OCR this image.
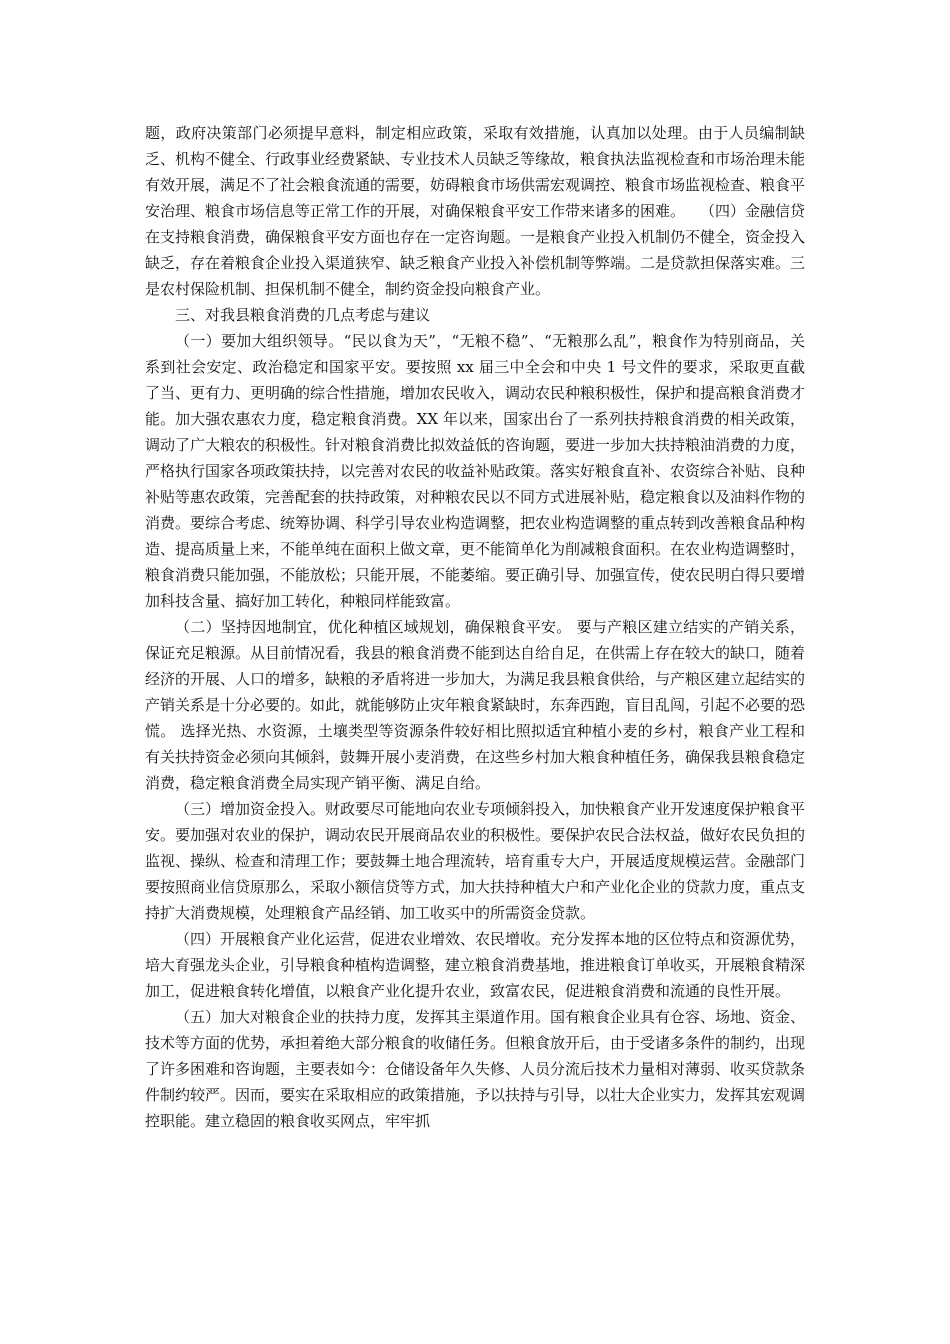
题，政府决策部门必须提早意料，制定相应政策，采取有效措施，认真加以处理。由于人员编制缺乏、机构不健全、行政事业经费紧缺、专业技术人员缺乏等缘故，粮食执法监视检查和市场治理未能有效开展，满足不了社会粮食流通的需要，妨碍粮食市场供需宏观调控、粮食市场监视检查、粮食平安治理、粮食市场信息等正常工作的开展，对确保粮食平安工作带来诸多的困难。　　（四）金融信贷在支持粮食消费，确保粮食平安方面也存在一定咨询题。一是粮食产业投入机制仍不健全，资金投入缺乏，存在着粮食企业投入渠道狭窄、缺乏粮食产业投入补偿机制等弊端。二是贷款担保落实难。三是农村保险机制、担保机制不健全，制约资金投向粮食产业。

三、对我县粮食消费的几点考虑与建议

（一）要加大组织领导。“民以食为天”，“无粮不稳”、“无粮那么乱”，粮食作为特别商品，关系到社会安定、政治稳定和国家平安。要按照 xx 届三中全会和中央 1 号文件的要求，采取更直截了当、更有力、更明确的综合性措施，增加农民收入，调动农民种粮积极性，保护和提高粮食消费才能。加大强农惠农力度，稳定粮食消费。XX 年以来，国家出台了一系列扶持粮食消费的相关政策，调动了广大粮农的积极性。针对粮食消费比拟效益低的咨询题，要进一步加大扶持粮油消费的力度，严格执行国家各项政策扶持，以完善对农民的收益补贴政策。落实好粮食直补、农资综合补贴、良种补贴等惠农政策，完善配套的扶持政策，对种粮农民以不同方式进展补贴，稳定粮食以及油料作物的消费。要综合考虑、统筹协调、科学引导农业构造调整，把农业构造调整的重点转到改善粮食品种构造、提高质量上来，不能单纯在面积上做文章，更不能简单化为削减粮食面积。在农业构造调整时，粮食消费只能加强，不能放松；只能开展，不能萎缩。要正确引导、加强宣传，使农民明白得只要增加科技含量、搞好加工转化，种粮同样能致富。

（二）坚持因地制宜，优化种植区域规划，确保粮食平安。 要与产粮区建立结实的产销关系，保证充足粮源。从目前情况看，我县的粮食消费不能到达自给自足，在供需上存在较大的缺口，随着经济的开展、人口的增多，缺粮的矛盾将进一步加大，为满足我县粮食供给，与产粮区建立起结实的产销关系是十分必要的。如此，就能够防止灾年粮食紧缺时，东奔西跑，盲目乱闯，引起不必要的恐慌。 选择光热、水资源，土壤类型等资源条件较好相比照拟适宜种植小麦的乡村，粮食产业工程和有关扶持资金必须向其倾斜，鼓舞开展小麦消费，在这些乡村加大粮食种植任务，确保我县粮食稳定消费，稳定粮食消费全局实现产销平衡、满足自给。

（三）增加资金投入。财政要尽可能地向农业专项倾斜投入，加快粮食产业开发速度保护粮食平安。要加强对农业的保护，调动农民开展商品农业的积极性。要保护农民合法权益，做好农民负担的监视、操纵、检查和清理工作；要鼓舞土地合理流转，培育重专大户，开展适度规模运营。金融部门要按照商业信贷原那么，采取小额信贷等方式，加大扶持种植大户和产业化企业的贷款力度，重点支持扩大消费规模，处理粮食产品经销、加工收买中的所需资金贷款。

（四）开展粮食产业化运营，促进农业增效、农民增收。充分发挥本地的区位特点和资源优势，培大育强龙头企业，引导粮食种植构造调整，建立粮食消费基地，推进粮食订单收买，开展粮食精深加工，促进粮食转化增值，以粮食产业化提升农业，致富农民，促进粮食消费和流通的良性开展。

（五）加大对粮食企业的扶持力度，发挥其主渠道作用。国有粮食企业具有仓容、场地、资金、技术等方面的优势，承担着绝大部分粮食的收储任务。但粮食放开后，由于受诸多条件的制约，出现了许多困难和咨询题，主要表如今：仓储设备年久失修、人员分流后技术力量相对薄弱、收买贷款条件制约较严。因而，要实在采取相应的政策措施，予以扶持与引导，以壮大企业实力，发挥其宏观调控职能。建立稳固的粮食收买网点，牢牢抓
